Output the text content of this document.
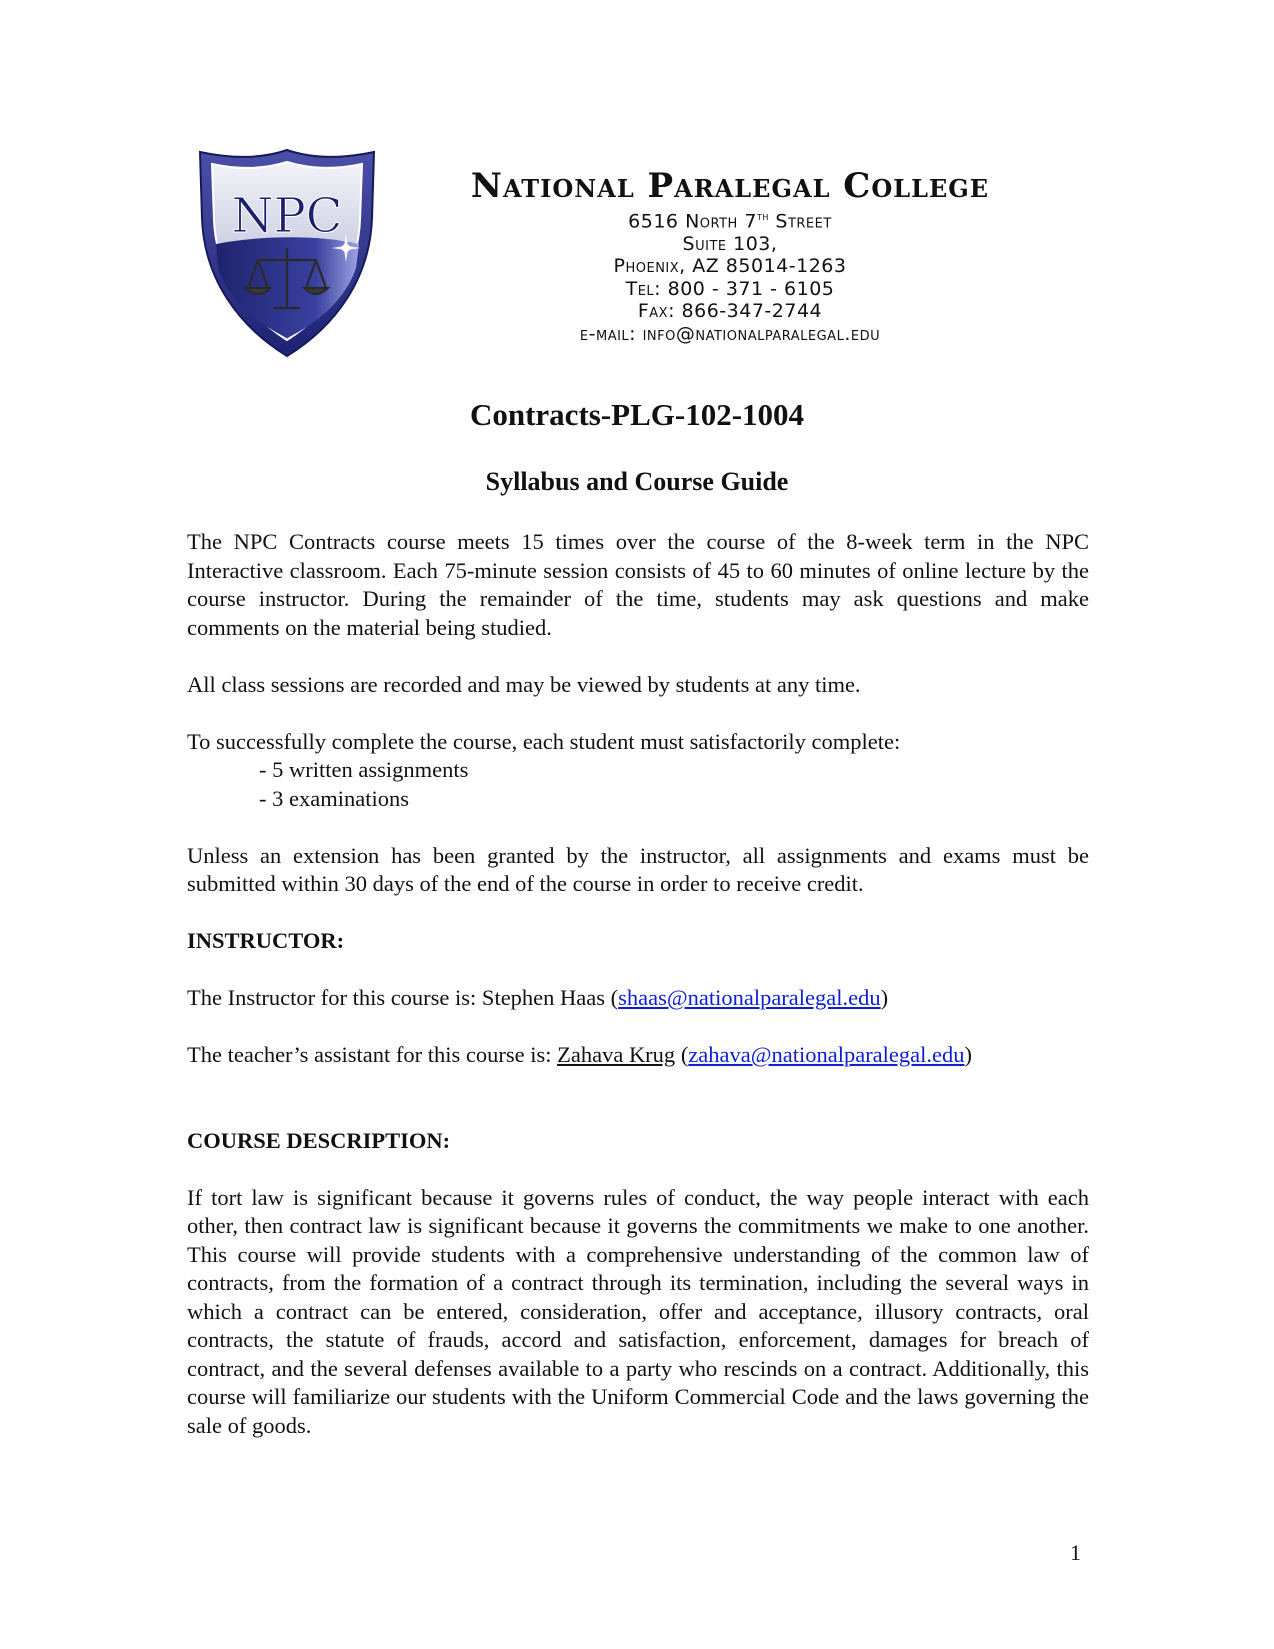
NPC

National Paralegal College

6516 North 7th Street

Suite 103,

Phoenix, AZ 85014-1263

Tel: 800 - 371 - 6105

Fax: 866-347-2744

e-mail: info@nationalparalegal.edu

Contracts-PLG-102-1004

Syllabus and Course Guide

The NPC Contracts course meets 15 times over the course of the 8-week term in the NPC Interactive classroom. Each 75-minute session consists of 45 to 60 minutes of online lecture by the course instructor. During the remainder of the time, students may ask questions and make comments on the material being studied.

All class sessions are recorded and may be viewed by students at any time.

To successfully complete the course, each student must satisfactorily complete:

- 5 written assignments

- 3 examinations

Unless an extension has been granted by the instructor, all assignments and exams must be submitted within 30 days of the end of the course in order to receive credit.

INSTRUCTOR:

The Instructor for this course is: Stephen Haas (shaas@nationalparalegal.edu)

The teacher’s assistant for this course is: Zahava Krug (zahava@nationalparalegal.edu)

COURSE DESCRIPTION:

If tort law is significant because it governs rules of conduct, the way people interact with each other, then contract law is significant because it governs the commitments we make to one another. This course will provide students with a comprehensive understanding of the common law of contracts, from the formation of a contract through its termination, including the several ways in which a contract can be entered, consideration, offer and acceptance, illusory contracts, oral contracts, the statute of frauds, accord and satisfaction, enforcement, damages for breach of contract, and the several defenses available to a party who rescinds on a contract. Additionally, this course will familiarize our students with the Uniform Commercial Code and the laws governing the sale of goods.

1
